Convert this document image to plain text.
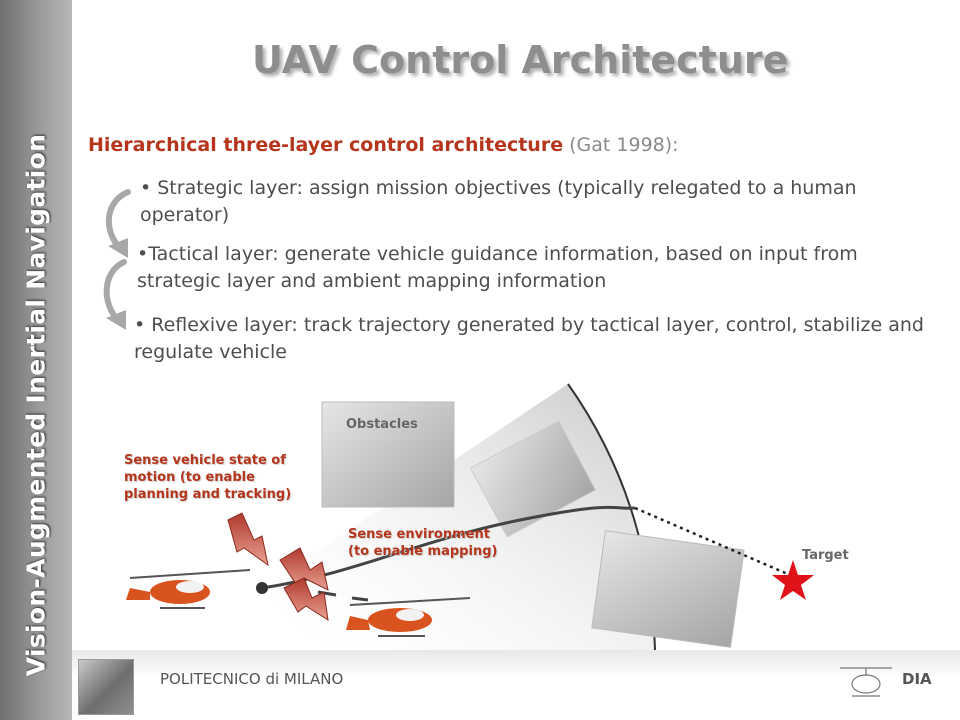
Vision-Augmented Inertial Navigation
UAV Control Architecture
Hierarchical three-layer control architecture (Gat 1998):
• Strategic layer: assign mission objectives (typically relegated to a human operator)
•Tactical layer: generate vehicle guidance information, based on input from strategic layer and ambient mapping information
• Reflexive layer: track trajectory generated by tactical layer, control, stabilize and regulate vehicle
Obstacles
Sense vehicle state of
motion (to enable
planning and tracking)
Sense environment
(to enable mapping)	Target
POLITECNICO di MILANO	DIA
